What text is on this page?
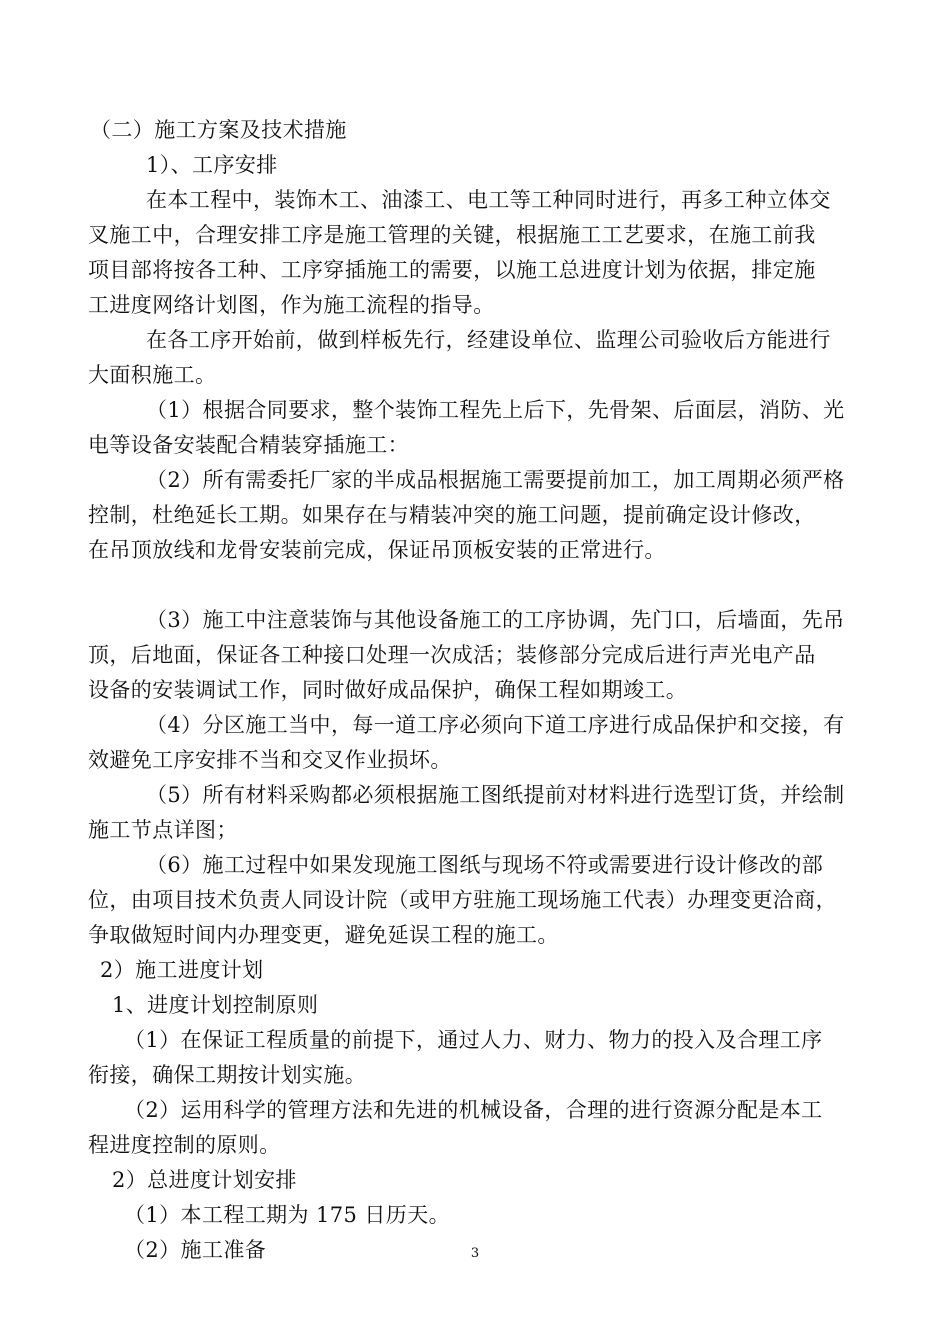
（二）施工方案及技术措施
1）、工序安排
在本工程中，装饰木工、油漆工、电工等工种同时进行，再多工种立体交
叉施工中，合理安排工序是施工管理的关键，根据施工工艺要求，在施工前我
项目部将按各工种、工序穿插施工的需要，以施工总进度计划为依据，排定施
工进度网络计划图，作为施工流程的指导。
在各工序开始前，做到样板先行，经建设单位、监理公司验收后方能进行
大面积施工。
（1）根据合同要求，整个装饰工程先上后下，先骨架、后面层，消防、光
电等设备安装配合精装穿插施工：
（2）所有需委托厂家的半成品根据施工需要提前加工，加工周期必须严格
控制，杜绝延长工期。如果存在与精装冲突的施工问题，提前确定设计修改，
在吊顶放线和龙骨安装前完成，保证吊顶板安装的正常进行。
（3）施工中注意装饰与其他设备施工的工序协调，先门口，后墙面，先吊
顶，后地面，保证各工种接口处理一次成活；装修部分完成后进行声光电产品
设备的安装调试工作，同时做好成品保护，确保工程如期竣工。
（4）分区施工当中，每一道工序必须向下道工序进行成品保护和交接，有
效避免工序安排不当和交叉作业损坏。
（5）所有材料采购都必须根据施工图纸提前对材料进行选型订货，并绘制
施工节点详图；
（6）施工过程中如果发现施工图纸与现场不符或需要进行设计修改的部
位，由项目技术负责人同设计院（或甲方驻施工现场施工代表）办理变更洽商，
争取做短时间内办理变更，避免延误工程的施工。
2）施工进度计划
1、进度计划控制原则
（1）在保证工程质量的前提下，通过人力、财力、物力的投入及合理工序
衔接，确保工期按计划实施。
（2）运用科学的管理方法和先进的机械设备，合理的进行资源分配是本工
程进度控制的原则。
2）总进度计划安排
（1）本工程工期为 175 日历天。
（2）施工准备	3
